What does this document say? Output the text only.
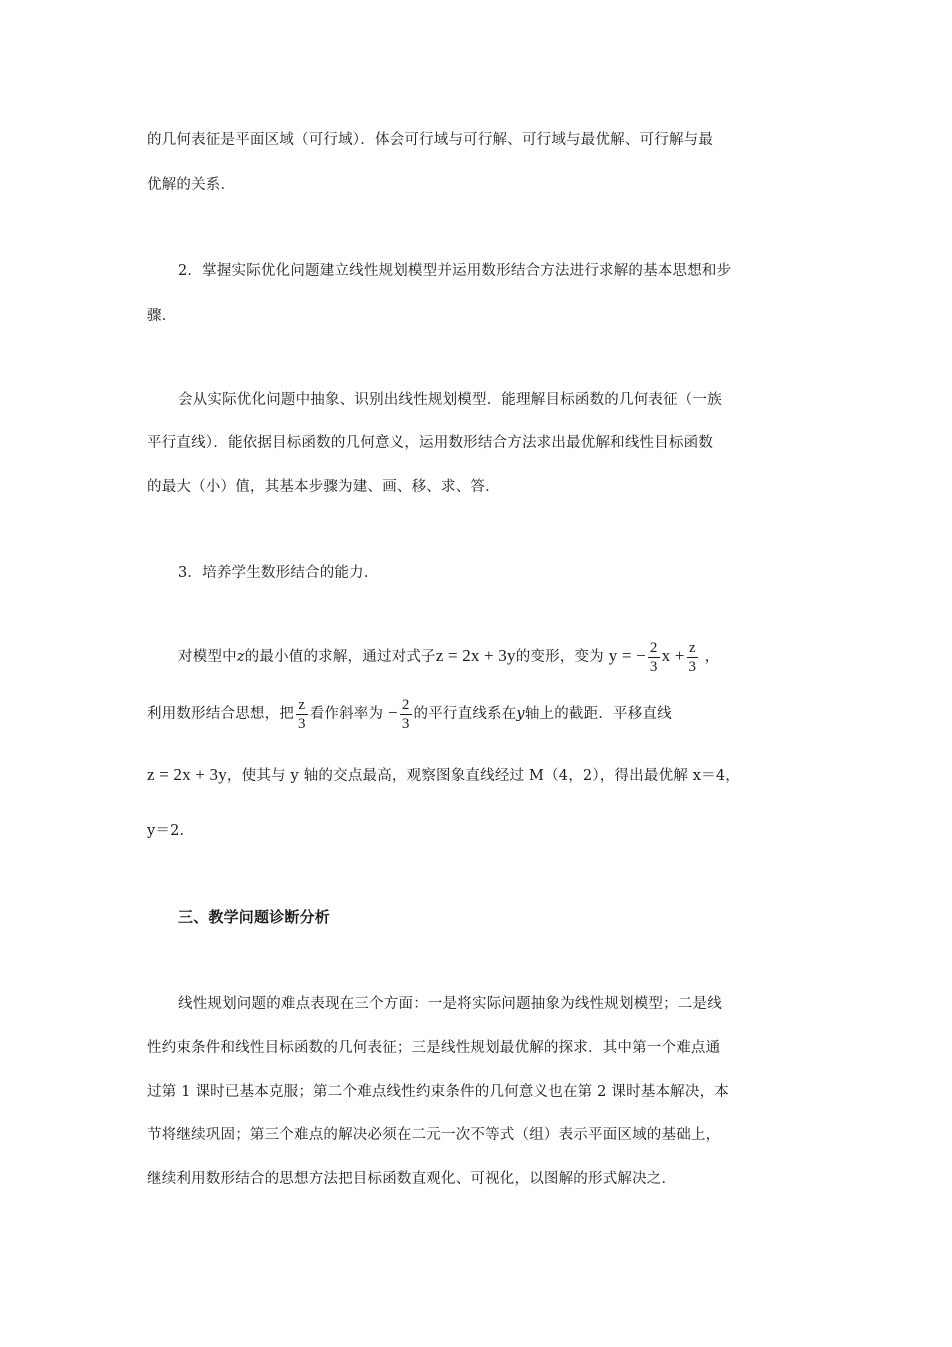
的几何表征是平面区域（可行域）．体会可行域与可行解、可行域与最优解、可行解与最
优解的关系．
2．掌握实际优化问题建立线性规划模型并运用数形结合方法进行求解的基本思想和步
骤．
会从实际优化问题中抽象、识别出线性规划模型．能理解目标函数的几何表征（一族
平行直线）．能依据目标函数的几何意义，运用数形结合方法求出最优解和线性目标函数
的最大（小）值，其基本步骤为建、画、移、求、答．
3．培养学生数形结合的能力．
对模型中z的最小值的求解，通过对式子z = 2x + 3y的变形，变为 y = − $\frac{2}{3}$ $x + \frac{z}{3}$ ，
利用数形结合思想，把 $\frac{z}{3}$ 看作斜率为 − $\frac{2}{3}$ 的平行直线系在y轴上的截距．平移直线
z = 2x + 3y，使其与 y 轴的交点最高，观察图象直线经过 M（4，2），得出最优解 x＝4，
y＝2．
三、教学问题诊断分析
线性规划问题的难点表现在三个方面：一是将实际问题抽象为线性规划模型；二是线
性约束条件和线性目标函数的几何表征；三是线性规划最优解的探求．其中第一个难点通
过第 1 课时已基本克服；第二个难点线性约束条件的几何意义也在第 2 课时基本解决，本
节将继续巩固；第三个难点的解决必须在二元一次不等式（组）表示平面区域的基础上，
继续利用数形结合的思想方法把目标函数直观化、可视化，以图解的形式解决之．
